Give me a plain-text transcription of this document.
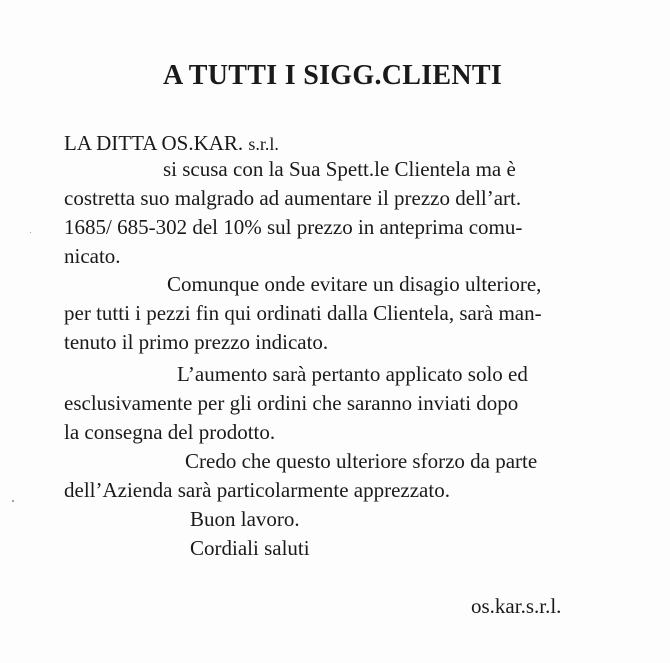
A TUTTI I SIGG.CLIENTI
LA DITTA OS.KAR. s.r.l.
si scusa con la Sua Spett.le Clientela ma è
costretta suo malgrado ad aumentare il prezzo dell’art.
1685/ 685-302 del 10% sul prezzo in anteprima comu-
nicato.
Comunque onde evitare un disagio ulteriore,
per tutti i pezzi fin qui ordinati dalla Clientela, sarà man-
tenuto il primo prezzo indicato.
L’aumento sarà pertanto applicato solo ed
esclusivamente per gli ordini che saranno inviati dopo
la consegna del prodotto.
Credo che questo ulteriore sforzo da parte
dell’Azienda sarà particolarmente apprezzato.
Buon lavoro.
Cordiali saluti
os.kar.s.r.l.
